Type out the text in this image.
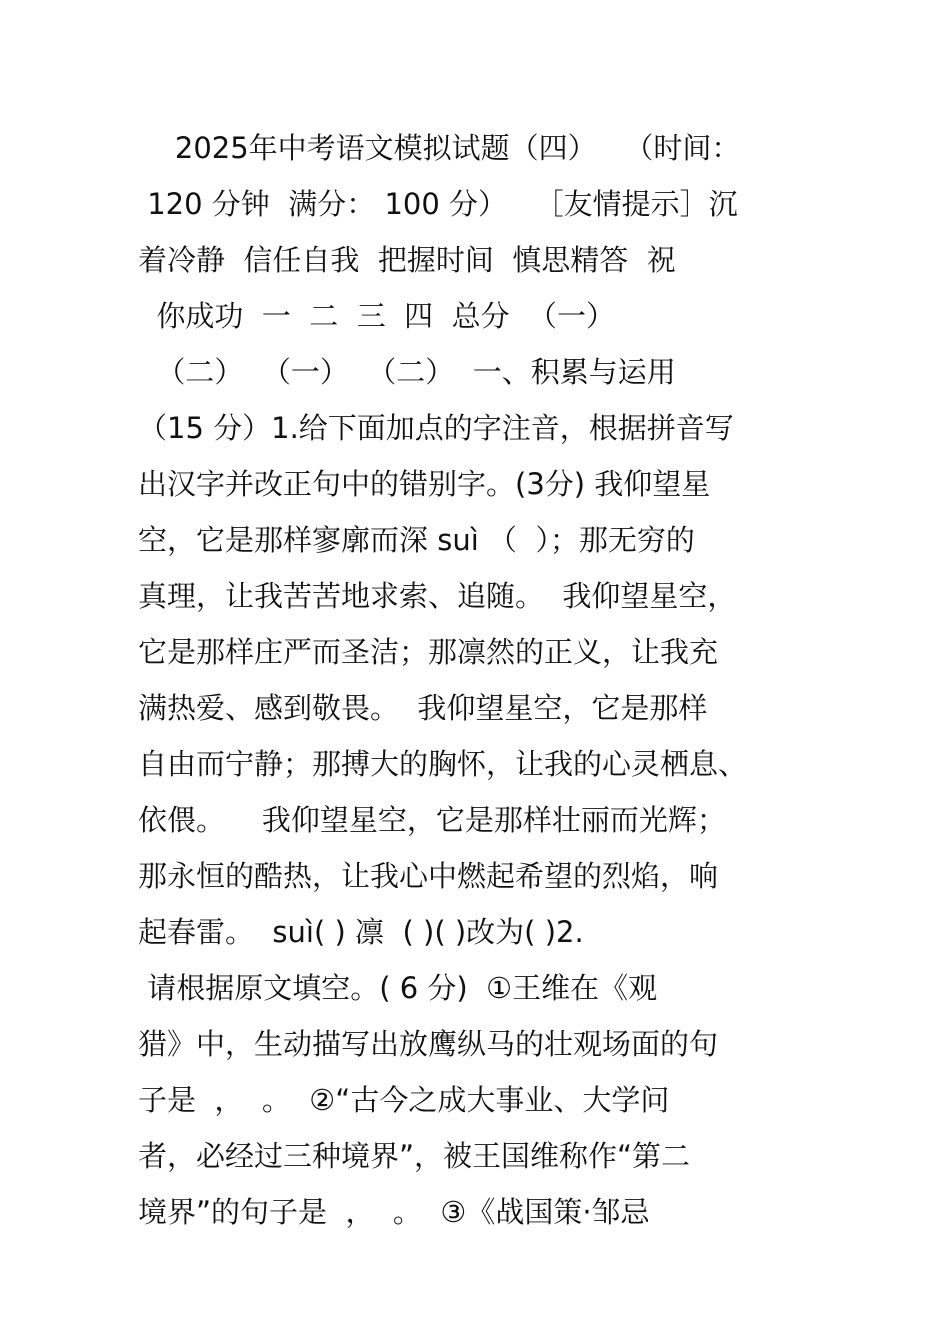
2025年中考语文模拟试题（四）   （时间：
120 分钟  满分： 100 分）   ［友情提示］沉
着冷静  信任自我  把握时间  慎思精答  祝
你成功  一  二  三  四  总分  （一）
（二）  （一）  （二）  一、积累与运用
（15 分）1.给下面加点的字注音，根据拼音写
出汉字并改正句中的错别字。(3分) 我仰望星
空，它是那样寥廓而深 suì （  ）；那无穷的
真理，让我苦苦地求索、追随。  我仰望星空，
它是那样庄严而圣洁；那凛然的正义，让我充
满热爱、感到敬畏。  我仰望星空，它是那样
自由而宁静；那搏大的胸怀，让我的心灵栖息、
依偎。    我仰望星空，它是那样壮丽而光辉；
那永恒的酷热，让我心中燃起希望的烈焰，响
起春雷。  suì( ) 凛  ( )( )改为( )2.
请根据原文填空。( 6 分)  ①王维在《观
猎》中，生动描写出放鹰纵马的壮观场面的句
子是  ，  。  ②“古今之成大事业、大学问
者，必经过三种境界”，被王国维称作“第二
境界”的句子是  ，  。  ③《战国策·邹忌
